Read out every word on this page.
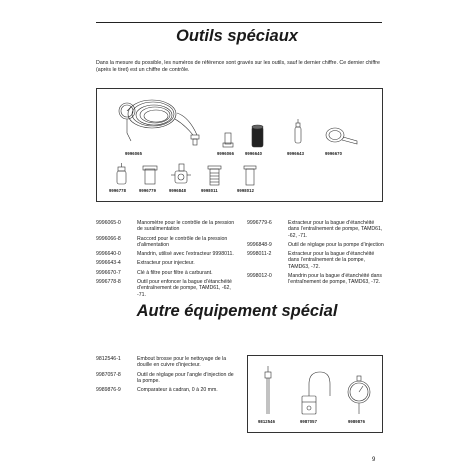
Outils spéciaux
Dans la mesure du possible, les numéros de référence sont gravés sur les outils, sauf le dernier chiffre. Ce dernier chiffre (après le tiret) est un chiffre de contrôle.
9996065	9996066	9996640	9996643	9996670
9996778	9996779	9996848	9998011	9998012
9996065-0	Manomètre pour le contrôle de la pression de suralimentation
9996066-8	Raccord pour le contrôle de la pression d’alimentation
9996640-0	Mandrin, utilisé avec l’extracteur 9998011.
9996643-4	Extracteur pour injecteur.
9996670-7	Clé à filtre pour filtre à carburant.
9996778-8	Outil pour enfoncer la bague d’étanchéité d’entraînement de pompe, TAMD61, -62, -71.
9996779-6	Extracteur pour la bague d’étanchéité dans l’entraînement de pompe, TAMD61, -62, -71.
9996848-9	Outil de réglage pour la pompe d’injection
9998011-2	Extracteur pour la bague d’étanchéité dans l’entraînement de la pompe, TAMD63, -72.
9998012-0	Mandrin pour la bague d’étanchéité dans l’entraînement de pompe, TAMD63, -72.
Autre équipement spécial
9812546-1	Embout brosse pour le nettoyage de la douille en cuivre d’injecteur.
9987057-8	Outil de réglage pour l’angle d’injection de la pompe.
9989876-9	Comparateur à cadran, 0 à 20 mm.
9812546	9987057	9989876
9
